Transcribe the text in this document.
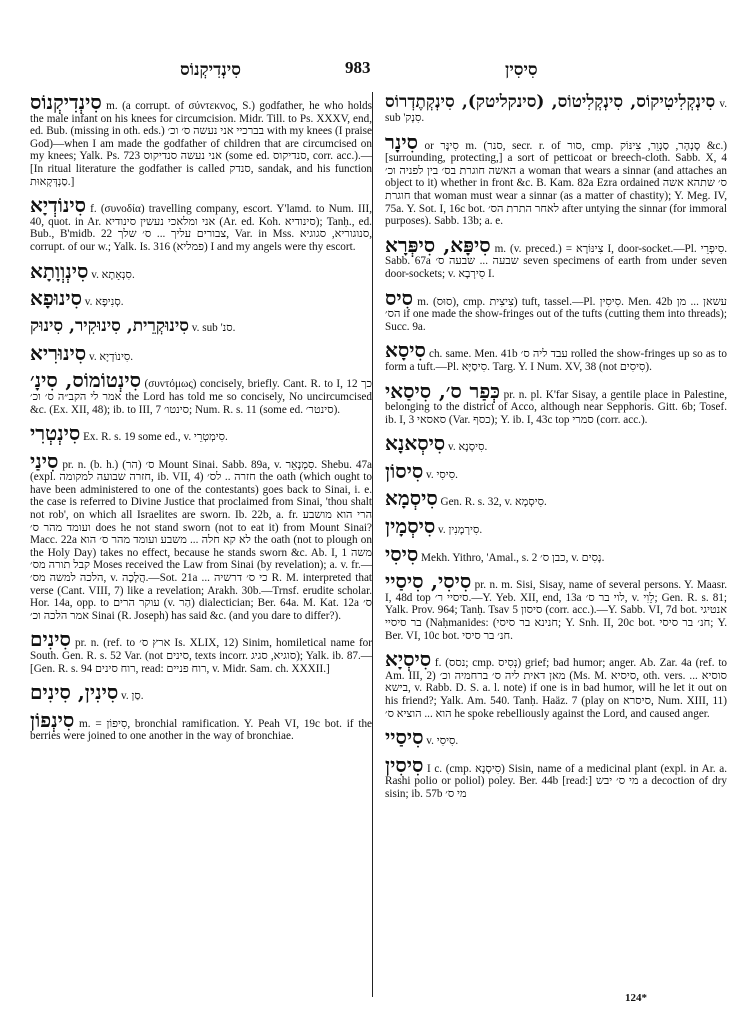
סִינְדִיקְנוֹס	983	סִיסִין
סִינְדִיקְנוֹס m. (a corrupt. of σύντεκνος, S.) godfather, he who holds the male infant on his knees for circumcision. Midr. Till. to Ps. XXXV, end, ed. Bub. (missing in oth. eds.) בברכיי אני נעשה ס׳ וכ׳ with my knees (I praise God)—when I am made the godfather of children that are circumcised on my knees; Yalk. Ps. 723 אני נעשה סנדיקוס (some ed. סנדיקוס, corr. acc.).—[In ritual literature the godfather is called סנדק, sandak, and his function סַנְדְּקָאוּת.]
סִינוֹדְיָא f. (συνοδία) travelling company, escort. Y'lamd. to Num. III, 40, quot. in Ar. אני ומלאכי נעשין סינודיא (Ar. ed. Koh. סינודיא); Tanḥ., ed. Bub., B'midb. 22 צבורים עליך ... ס׳ שלך, Var. in Mss. סנוגוריא, סגוגיא, corrupt. of our w.; Yalk. Is. 316 (פמליא) I and my angels were thy escort.
סִינְוְוָתָא v. סִנְאָתָא.
סִינוּפָא v. סְנִיפָא.
סִינוּקְרֵית, סִינוּקִיר, סִינוּק v. sub 'סנ.
סִינוּרִיא v. סִינוֹדְיָא.
סִינְטוֹמוֹס, סִינָ׳ (συντόμως) concisely, briefly. Cant. R. to I, 12 כך אמר לי הקב״ה ס׳ וכ׳ the Lord has told me so concisely, No uncircumcised &c. (Ex. XII, 48); ib. to III, 7 סינטו׳; Num. R. s. 11 (some ed. סינטר׳).
סִינְטְרִי Ex. R. s. 19 some ed., v. סִימְטְרֵי.
סִינַי pr. n. (b. h.) (הר) ס׳ Mount Sinai. Sabb. 89a, v. סִמְנָאֵר. Shebu. 47a (expl. חזרה שבועה למקומה, ib. VII, 4) חזרה .. לס׳ the oath (which ought to have been administered to one of the contestants) goes back to Sinai, i. e. the case is referred to Divine Justice that proclaimed from Sinai, 'thou shalt not rob', on which all Israelites are sworn. Ib. 22b, a. fr. הרי הוא מושבע ועומד מהר ס׳ does he not stand sworn (not to eat it) from Mount Sinai? Macc. 22a לא קא חלה ... משבע ועומד מהר ס׳ הוא the oath (not to plough on the Holy Day) takes no effect, because he stands sworn &c. Ab. I, 1 משה קבל תורה מס׳ Moses received the Law from Sinai (by revelation); a. v. fr.—הלכה למשה מס׳, v. הֲלָכָה.—Sot. 21a ... כי ס׳ דרשיה R. M. interpreted that verse (Cant. VIII, 7) like a revelation; Arakh. 30b.—Trnsf. erudite scholar. Hor. 14a, opp. to עוקר הרים (v. הַר) dialectician; Ber. 64a. M. Kat. 12a ס׳ אמר הלכה וכ׳ Sinai (R. Joseph) has said &c. (and you dare to differ?).
סִינִים pr. n. (ref. to ארץ ס׳ Is. XLIX, 12) Sinim, homiletical name for South. Gen. R. s. 52 Var. (not סינים, texts incorr. סוגיא, סגיג); Yalk. ib. 87.—[Gen. R. s. 94 רוח סינים, read: רוח פניים, v. Midr. Sam. ch. XXXII.]
סִינִין, סִינִים v. סַן.
סִינְפוֹן m. = סִיפוֹן, bronchial ramification. Y. Peah VI, 19c bot. if the berries were joined to one another in the way of bronchiae.
סִינְקְלִיטִיקוֹס, סִינְקְלִיטוֹס, (סינקליטק), סִינְקְתֶדְרוֹס v. sub 'סִנְק.
סִינָר or סִינָּר m. (סנר, secr. r. of סור, cmp. סָנְהָר, סַנְוֵר, צִינּוֹק &c.) [surrounding, protecting,] a sort of petticoat or breech-cloth. Sabb. X, 4 האשה חוגרת בס׳ בין לפניה וכ׳ a woman that wears a sinnar (and attaches an object to it) whether in front &c. B. Kam. 82a Ezra ordained ס׳ שתהא אשה חוגרת that woman must wear a sinnar (as a matter of chastity); Y. Meg. IV, 75a. Y. Sot. I, 16c bot. לאחר התרת הס׳ after untying the sinnar (for immoral purposes). Sabb. 13b; a. e.
סִיפָּא, סִיפְּרָא m. (v. preced.) = צִינּוֹרָא I, door-socket.—Pl. סִיפְרֵי. Sabb. 67a שבעה ... שבעה ס׳ seven specimens of earth from under seven door-sockets; v. סִירְבָא I.
סִיס m. (סוּס), cmp. צִיצִית) tuft, tassel.—Pl. סִיסִין. Men. 42b עשאן ... מן הס׳ if one made the show-fringes out of the tufts (cutting them into threads); Succ. 9a.
סִיסָא ch. same. Men. 41b עבד ליה ס׳ rolled the show-fringes up so as to form a tuft.—Pl. סִיסַיָּא. Targ. Y. I Num. XV, 38 (not סִיסִים).
כְּפַר ס׳, סִיסַאי pr. n. pl. K'far Sisay, a gentile place in Palestine, belonging to the district of Acco, although near Sepphoris. Gitt. 6b; Tosef. ib. I, 3 סאסאי (Var. כסף); Y. ib. I, 43c top סמרי (corr. acc.).
סִיסְאנָא v. סִיסְנָא.
סִיסוֹן v. סִיסִי.
סִיסְמָא Gen. R. s. 32, v. סִיסְמָא.
סִיסְמָין v. סִירְמָנִין.
סִיסִי Mekh. Yithro, 'Amal., s. 2 כבן ס׳, v. נָסִים.
סִיסִי, סִיסַיי pr. n. m. Sisi, Sisay, name of several persons. Y. Maasr. I, 48d top סיסיי ר׳.—Y. Yeb. XII, end, 13a לוי בר ס׳, v. לֵוִי; Gen. R. s. 81; Yalk. Prov. 964; Tanḥ. Tsav 5 סיסון (corr. acc.).—Y. Sabb. VI, 7d bot. אנטיגי בר סיסיי (Naḥmanides: (חנינא בר סיסי; Y. Snh. II, 20c bot. חנ׳ בר סיסי; Y. Ber. VI, 10c bot. חנ׳ בר סיסי.
סִיסְיָא f. (נסס; cmp. נְסִיס) grief; bad humor; anger. Ab. Zar. 4a (ref. to Am. III, 2) מאן דאית ליה ס׳ ברחמיה וכ׳ (Ms. M. סיסיא, oth. vers. סוסיא ... בישא, v. Rabb. D. S. a. l. note) if one is in bad humor, will he let it out on his friend?; Yalk. Am. 540. Tanḥ. Haäz. 7 (play on סיסרא, Num. XIII, 11) הוא ... הוציא ס׳ he spoke rebelliously against the Lord, and caused anger.
סִיסַיי v. סִיסִי.
סִיסִין I c. (cmp. סִיסְנָא) Sisin, name of a medicinal plant (expl. in Ar. a. Rashi polio or poliol) poley. Ber. 44b [read:] מי ס׳ יבש a decoction of dry sisin; ib. 57b מי ס׳
124*
